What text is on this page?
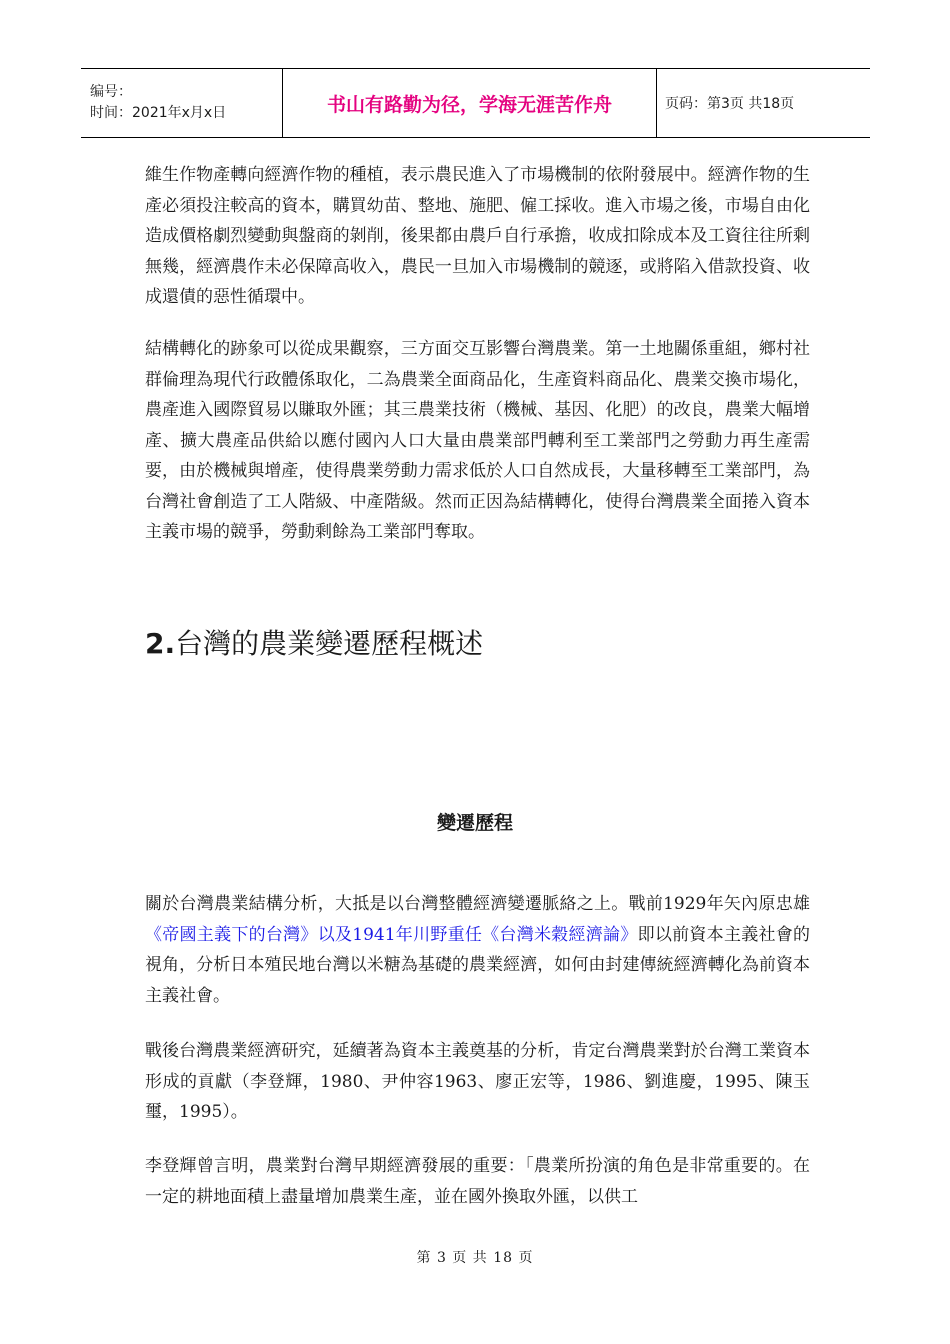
编号：
时间：2021年x月x日	书山有路勤为径，学海无涯苦作舟	页码：第3页 共18页

維生作物產轉向經濟作物的種植，表示農民進入了市場機制的依附發展中。經濟作物的生產必須投注較高的資本，購買幼苗、整地、施肥、僱工採收。進入市場之後，市場自由化造成價格劇烈變動與盤商的剝削，後果都由農戶自行承擔，收成扣除成本及工資往往所剩無幾，經濟農作未必保障高收入，農民一旦加入市場機制的競逐，或將陷入借款投資、收成還債的惡性循環中。

結構轉化的跡象可以從成果觀察，三方面交互影響台灣農業。第一土地關係重組，鄉村社群倫理為現代行政體係取化，二為農業全面商品化，生產資料商品化、農業交換市場化，農產進入國際貿易以賺取外匯；其三農業技術（機械、基因、化肥）的改良，農業大幅增產、擴大農產品供給以應付國內人口大量由農業部門轉利至工業部門之勞動力再生產需要，由於機械與增產，使得農業勞動力需求低於人口自然成長，大量移轉至工業部門，為台灣社會創造了工人階級、中產階級。然而正因為結構轉化，使得台灣農業全面捲入資本主義市場的競爭，勞動剩餘為工業部門奪取。

2.台灣的農業變遷歷程概述
變遷歷程

關於台灣農業結構分析，大抵是以台灣整體經濟變遷脈絡之上。戰前1929年矢內原忠雄《帝國主義下的台灣》以及1941年川野重任《台灣米穀經濟論》即以前資本主義社會的視角，分析日本殖民地台灣以米糖為基礎的農業經濟，如何由封建傳統經濟轉化為前資本主義社會。

戰後台灣農業經濟研究，延續著為資本主義奠基的分析，肯定台灣農業對於台灣工業資本形成的貢獻（李登輝，1980、尹仲容1963、廖正宏等，1986、劉進慶，1995、陳玉璽，1995）。

李登輝曾言明，農業對台灣早期經濟發展的重要：「農業所扮演的角色是非常重要的。在一定的耕地面積上盡量增加農業生產，並在國外換取外匯，以供工

第 3 页 共 18 页
